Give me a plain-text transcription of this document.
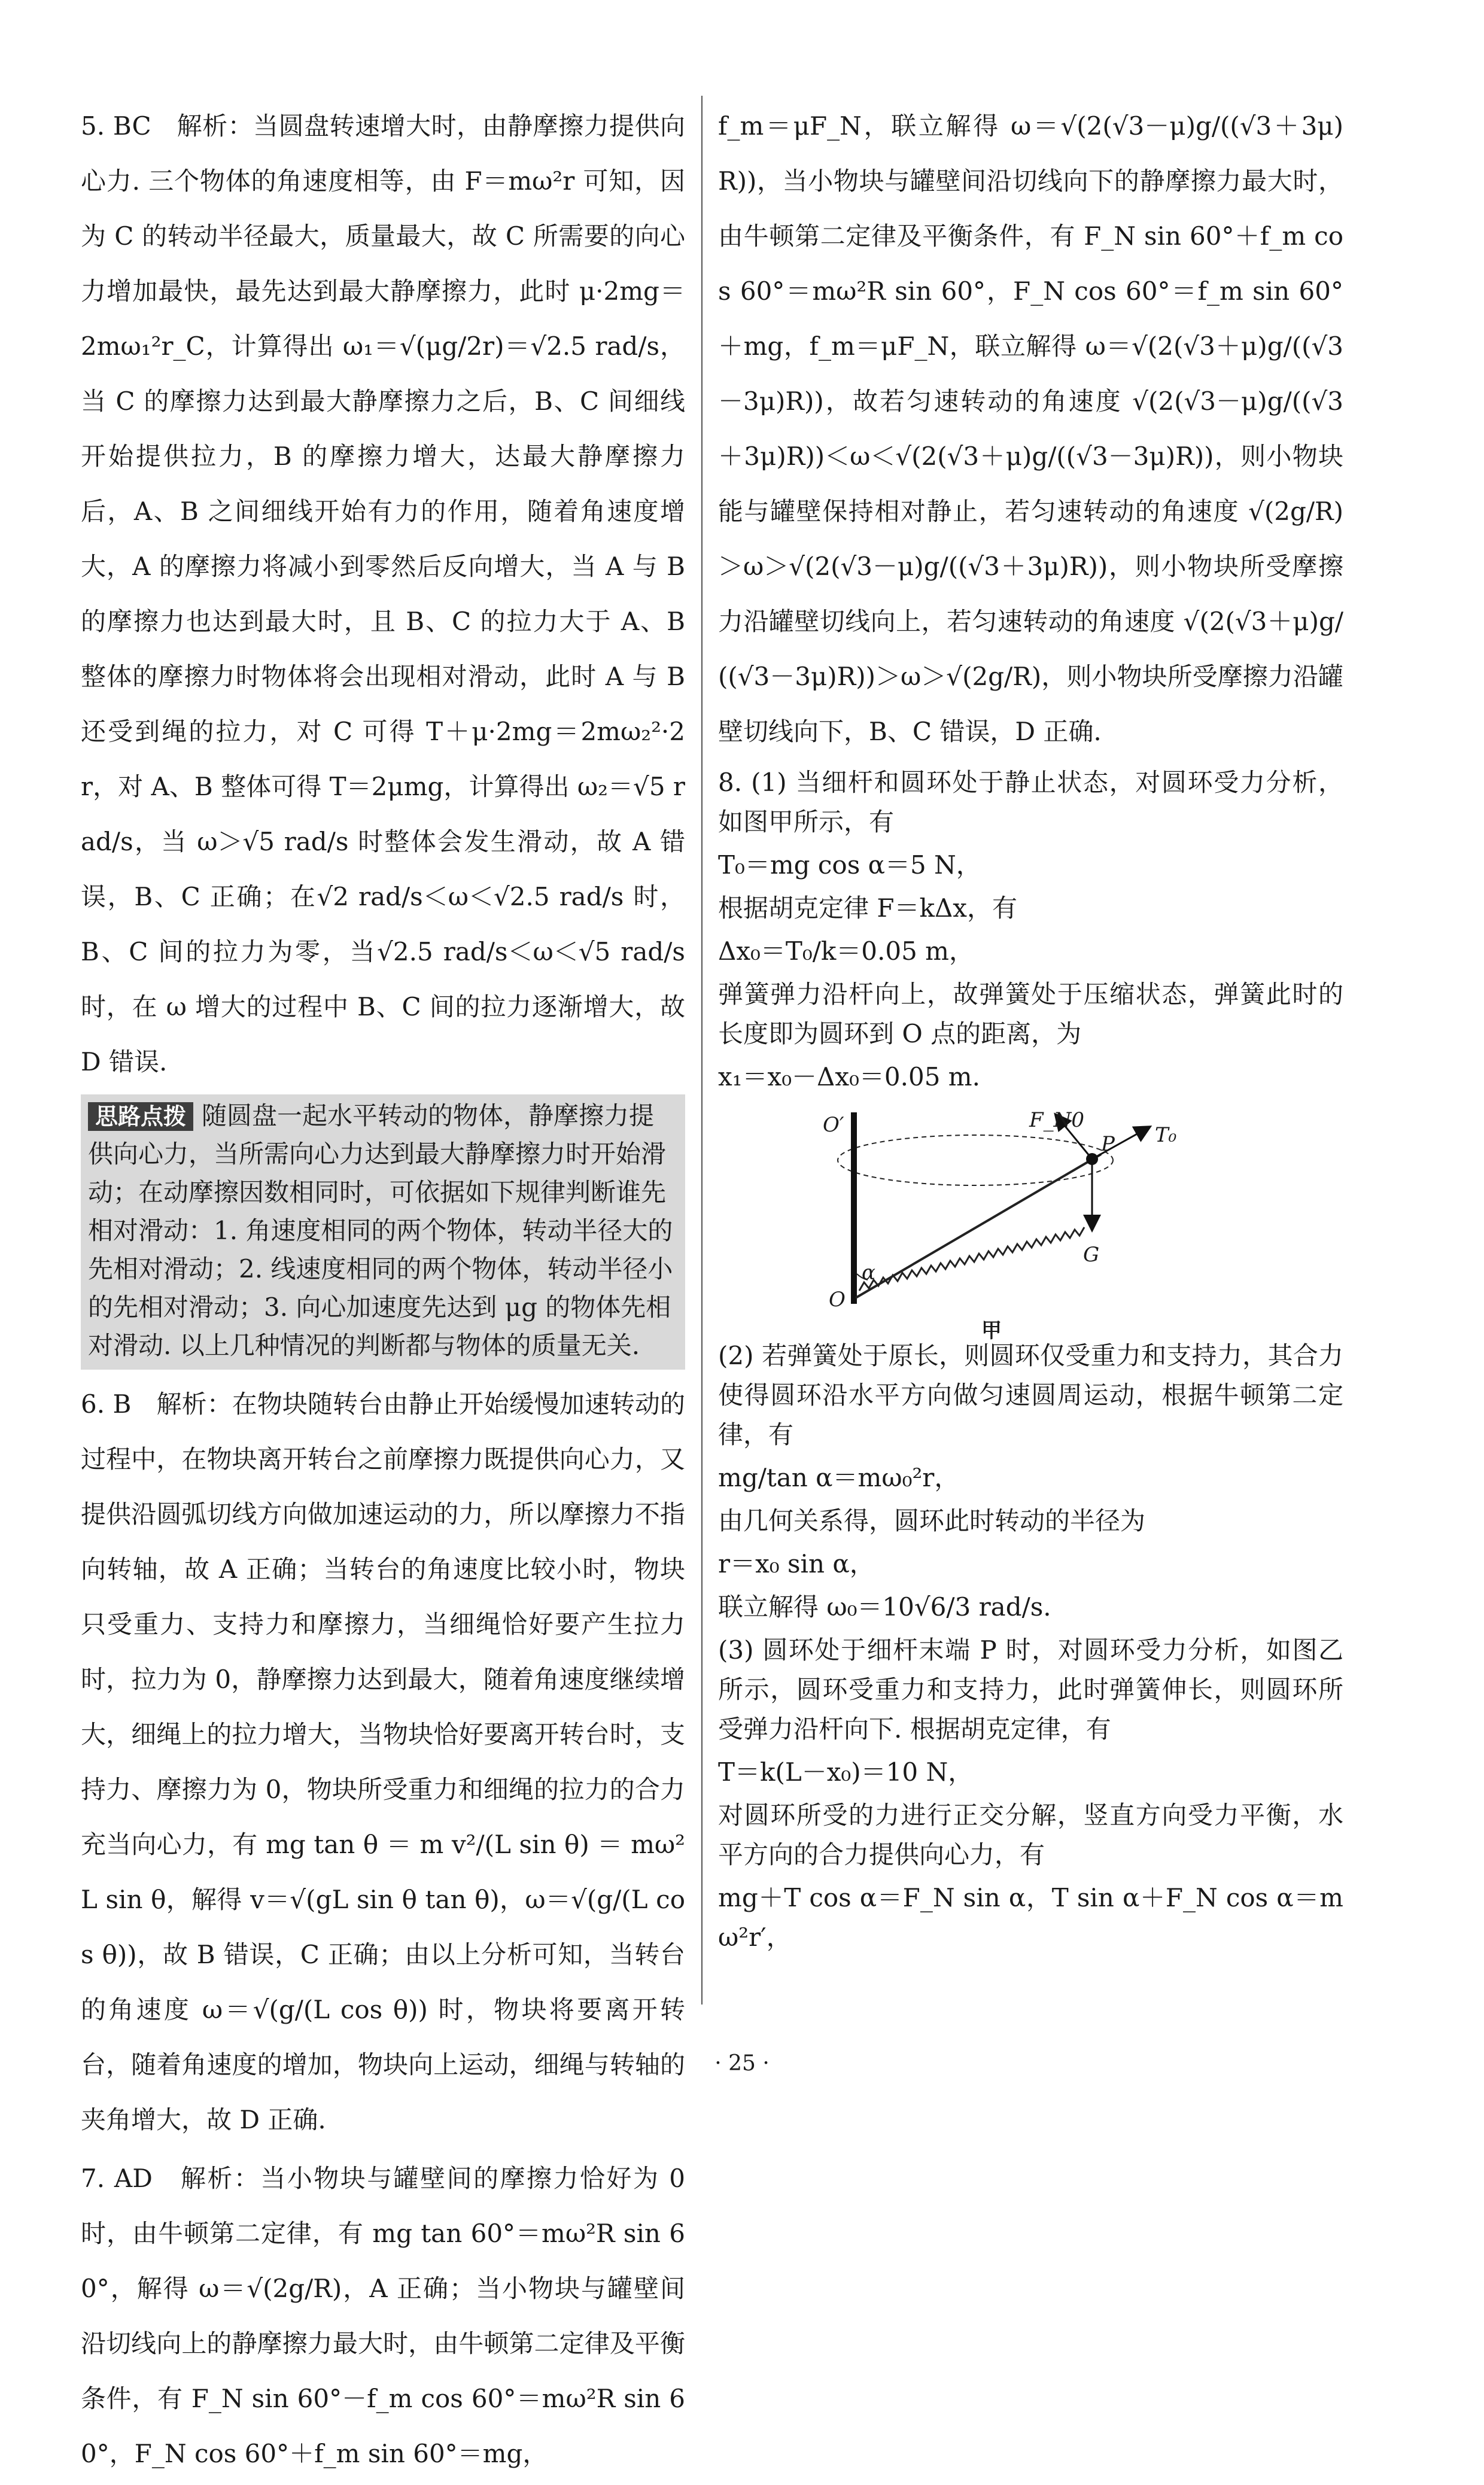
5. BC　解析：当圆盘转速增大时，由静摩擦力提供向心力. 三个物体的角速度相等，由 F＝mω²r 可知，因为 C 的转动半径最大，质量最大，故 C 所需要的向心力增加最快，最先达到最大静摩擦力，此时 μ·2mg＝2mω₁²r_C，计算得出 ω₁＝√(μg/2r)＝√2.5 rad/s，当 C 的摩擦力达到最大静摩擦力之后，B、C 间细线开始提供拉力，B 的摩擦力增大，达最大静摩擦力后，A、B 之间细线开始有力的作用，随着角速度增大，A 的摩擦力将减小到零然后反向增大，当 A 与 B 的摩擦力也达到最大时，且 B、C 的拉力大于 A、B 整体的摩擦力时物体将会出现相对滑动，此时 A 与 B 还受到绳的拉力，对 C 可得 T＋μ·2mg＝2mω₂²·2r，对 A、B 整体可得 T＝2μmg，计算得出 ω₂＝√5 rad/s，当 ω＞√5 rad/s 时整体会发生滑动，故 A 错误，B、C 正确；在√2 rad/s＜ω＜√2.5 rad/s 时，B、C 间的拉力为零，当√2.5 rad/s＜ω＜√5 rad/s 时，在 ω 增大的过程中 B、C 间的拉力逐渐增大，故 D 错误.

思路点拨 随圆盘一起水平转动的物体，静摩擦力提供向心力，当所需向心力达到最大静摩擦力时开始滑动；在动摩擦因数相同时，可依据如下规律判断谁先相对滑动：1. 角速度相同的两个物体，转动半径大的先相对滑动；2. 线速度相同的两个物体，转动半径小的先相对滑动；3. 向心加速度先达到 μg 的物体先相对滑动. 以上几种情况的判断都与物体的质量无关.

6. B　解析：在物块随转台由静止开始缓慢加速转动的过程中，在物块离开转台之前摩擦力既提供向心力，又提供沿圆弧切线方向做加速运动的力，所以摩擦力不指向转轴，故 A 正确；当转台的角速度比较小时，物块只受重力、支持力和摩擦力，当细绳恰好要产生拉力时，拉力为 0，静摩擦力达到最大，随着角速度继续增大，细绳上的拉力增大，当物块恰好要离开转台时，支持力、摩擦力为 0，物块所受重力和细绳的拉力的合力充当向心力，有 mg tan θ ＝ m v²/(L sin θ) ＝ mω²L sin θ，解得 v＝√(gL sin θ tan θ)，ω＝√(g/(L cos θ))，故 B 错误，C 正确；由以上分析可知，当转台的角速度 ω＝√(g/(L cos θ)) 时，物块将要离开转台，随着角速度的增加，物块向上运动，细绳与转轴的夹角增大，故 D 正确.

7. AD　解析：当小物块与罐壁间的摩擦力恰好为 0 时，由牛顿第二定律，有 mg tan 60°＝mω²R sin 60°，解得 ω＝√(2g/R)，A 正确；当小物块与罐壁间沿切线向上的静摩擦力最大时，由牛顿第二定律及平衡条件，有 F_N sin 60°－f_m cos 60°＝mω²R sin 60°，F_N cos 60°＋f_m sin 60°＝mg，

f_m＝μF_N，联立解得 ω＝√(2(√3－μ)g/((√3＋3μ)R))，当小物块与罐壁间沿切线向下的静摩擦力最大时，由牛顿第二定律及平衡条件，有 F_N sin 60°＋f_m cos 60°＝mω²R sin 60°，F_N cos 60°＝f_m sin 60°＋mg，f_m＝μF_N，联立解得 ω＝√(2(√3＋μ)g/((√3－3μ)R))，故若匀速转动的角速度 √(2(√3－μ)g/((√3＋3μ)R))＜ω＜√(2(√3＋μ)g/((√3－3μ)R))，则小物块能与罐壁保持相对静止，若匀速转动的角速度 √(2g/R)＞ω＞√(2(√3－μ)g/((√3＋3μ)R))，则小物块所受摩擦力沿罐壁切线向上，若匀速转动的角速度 √(2(√3＋μ)g/((√3－3μ)R))＞ω＞√(2g/R)，则小物块所受摩擦力沿罐壁切线向下，B、C 错误，D 正确.

8. (1) 当细杆和圆环处于静止状态，对圆环受力分析，如图甲所示，有

T₀＝mg cos α＝5 N，

根据胡克定律 F＝kΔx，有

Δx₀＝T₀/k＝0.05 m，

弹簧弹力沿杆向上，故弹簧处于压缩状态，弹簧此时的长度即为圆环到 O 点的距离，为

x₁＝x₀－Δx₀＝0.05 m.

O′
O
F_N0
P T₀
G
α
甲

(2) 若弹簧处于原长，则圆环仅受重力和支持力，其合力使得圆环沿水平方向做匀速圆周运动，根据牛顿第二定律，有

mg/tan α＝mω₀²r，

由几何关系得，圆环此时转动的半径为

r＝x₀ sin α，

联立解得 ω₀＝10√6/3 rad/s.

(3) 圆环处于细杆末端 P 时，对圆环受力分析，如图乙所示，圆环受重力和支持力，此时弹簧伸长，则圆环所受弹力沿杆向下. 根据胡克定律，有

T＝k(L－x₀)＝10 N，

对圆环所受的力进行正交分解，竖直方向受力平衡，水平方向的合力提供向心力，有

mg＋T cos α＝F_N sin α，T sin α＋F_N cos α＝mω²r′，

· 25 ·
